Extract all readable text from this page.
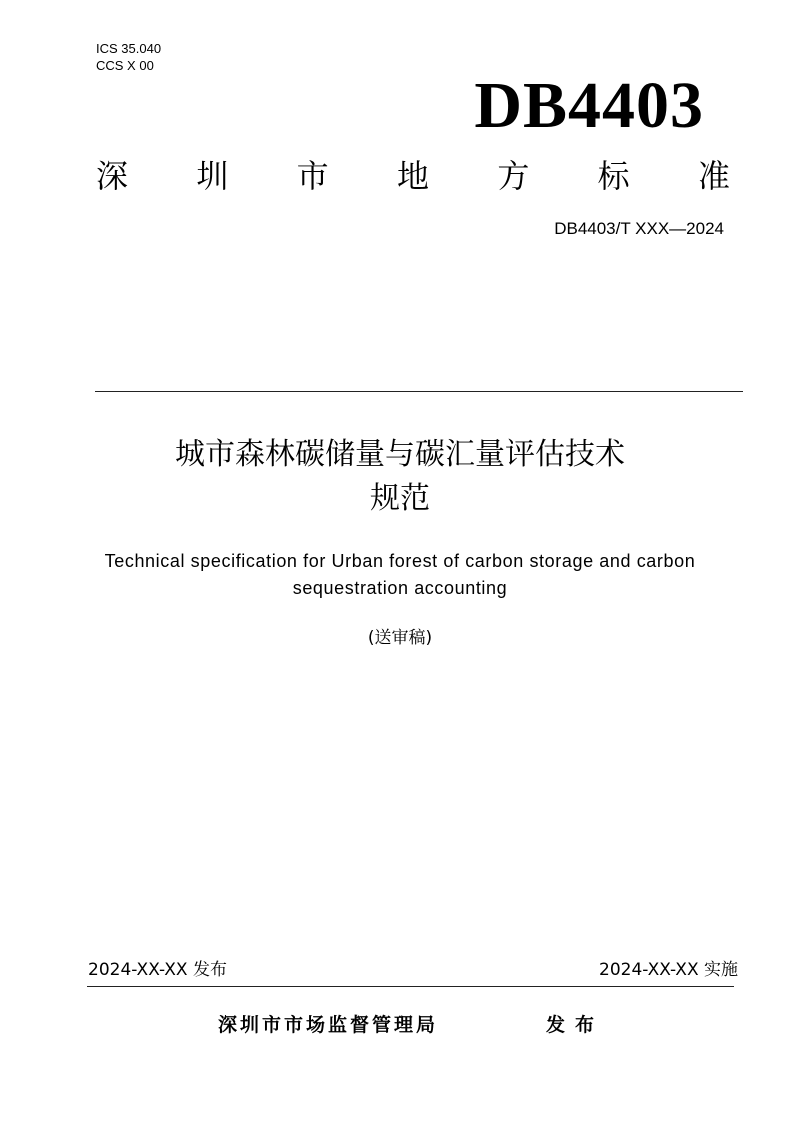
ICS 35.040
CCS X 00
DB4403
深 圳 市 地 方 标 准
DB4403/T XXX—2024
城市森林碳储量与碳汇量评估技术
规范
Technical specification for Urban forest of carbon storage and carbon sequestration accounting
(送审稿)
2024-XX-XX 发布	2024-XX-XX 实施
深圳市市场监督管理局	发布
